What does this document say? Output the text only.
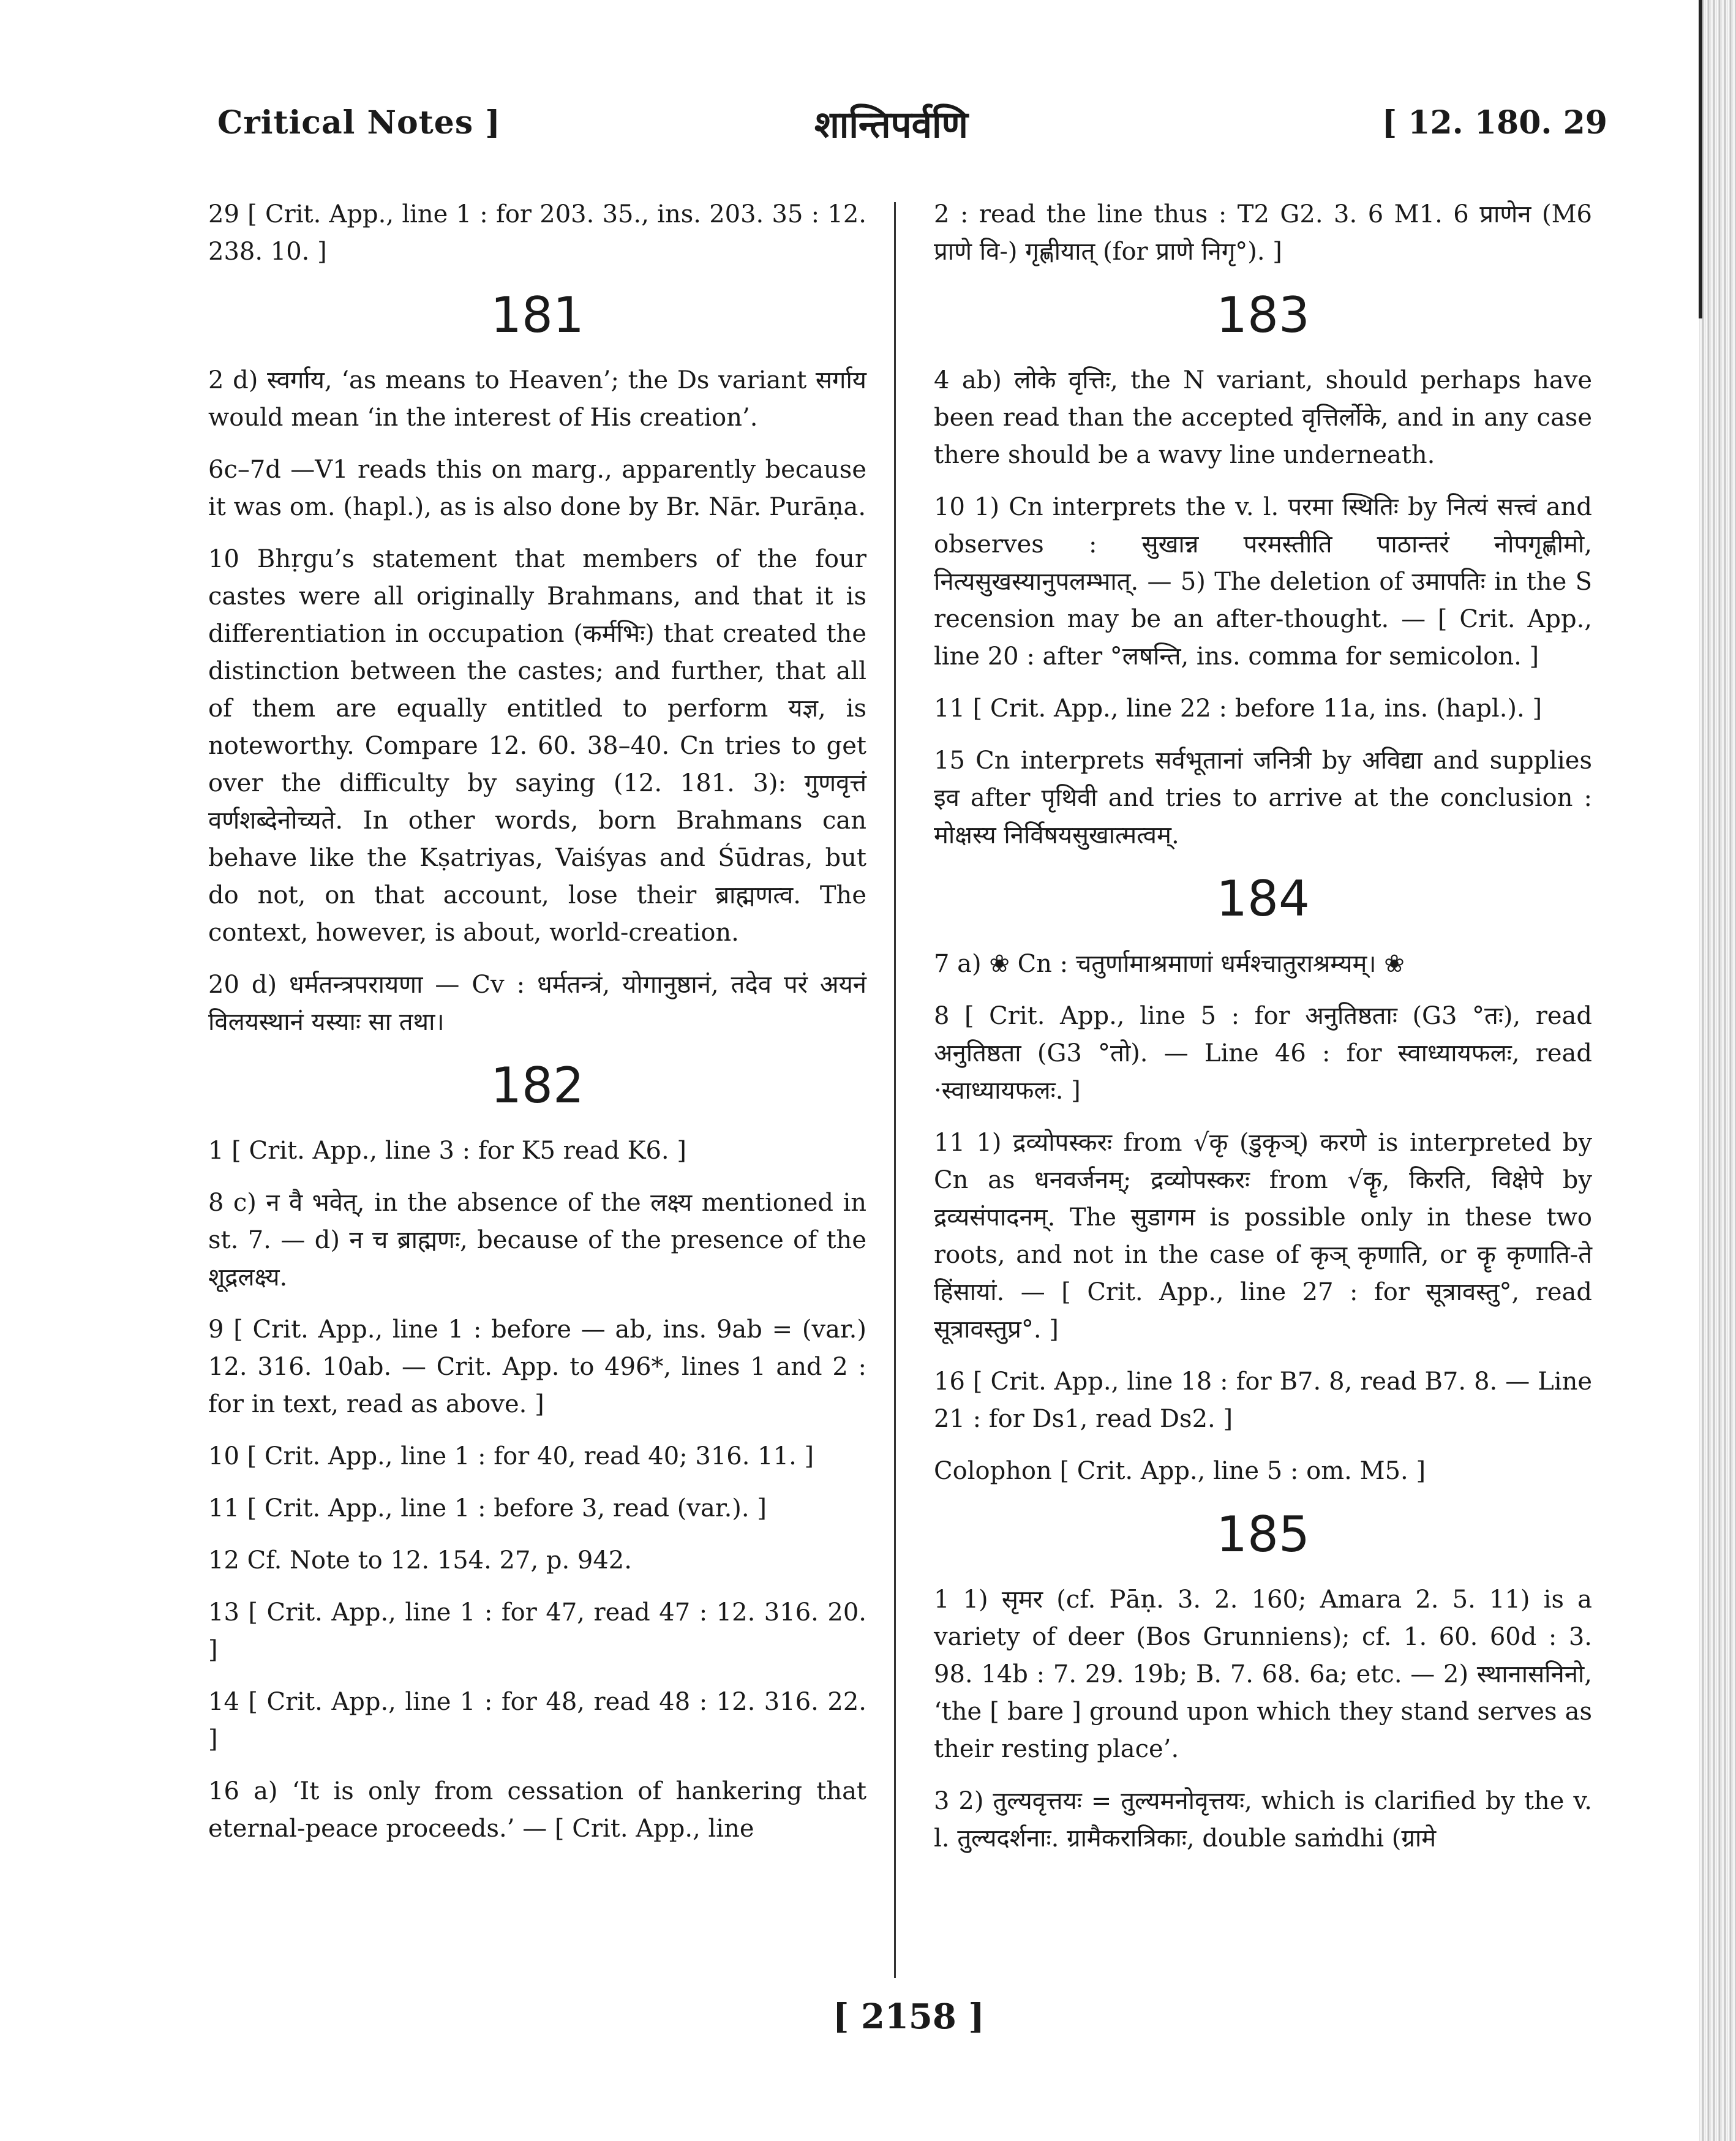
Critical Notes ]	शान्तिपर्वणि	[ 12. 180. 29

29 [ Crit. App., line 1 : for 203. 35., ins. 203. 35 : 12. 238. 10. ]

181

2 d) स्वर्गाय, ‘as means to Heaven’; the Ds variant सर्गाय would mean ‘in the interest of His creation’.

6c–7d —V1 reads this on marg., apparently because it was om. (hapl.), as is also done by Br. Nār. Purāṇa.

10 Bhṛgu’s statement that members of the four castes were all originally Brahmans, and that it is differentiation in occupation (कर्मभिः) that created the distinction between the castes; and further, that all of them are equally entitled to perform यज्ञ, is noteworthy. Compare 12. 60. 38–40. Cn tries to get over the difficulty by saying (12. 181. 3): गुणवृत्तं वर्णशब्देनोच्यते. In other words, born Brahmans can behave like the Kṣatriyas, Vaiśyas and Śūdras, but do not, on that account, lose their ब्राह्मणत्व. The context, however, is about, world-creation.

20 d) धर्मतन्त्रपरायणा — Cv : धर्मतन्त्रं, योगानुष्ठानं, तदेव परं अयनं विलयस्थानं यस्याः सा तथा।

182

1 [ Crit. App., line 3 : for K5 read K6. ]

8 c) न वै भवेत्, in the absence of the लक्ष्य mentioned in st. 7. — d) न च ब्राह्मणः, because of the presence of the शूद्रलक्ष्य.

9 [ Crit. App., line 1 : before — ab, ins. 9ab = (var.) 12. 316. 10ab. — Crit. App. to 496*, lines 1 and 2 : for in text, read as above. ]

10 [ Crit. App., line 1 : for 40, read 40; 316. 11. ]

11 [ Crit. App., line 1 : before 3, read (var.). ]

12 Cf. Note to 12. 154. 27, p. 942.

13 [ Crit. App., line 1 : for 47, read 47 : 12. 316. 20. ]

14 [ Crit. App., line 1 : for 48, read 48 : 12. 316. 22. ]

16 a) ‘It is only from cessation of hankering that eternal-peace proceeds.’ — [ Crit. App., line

2 : read the line thus : T2 G2. 3. 6 M1. 6 प्राणेन (M6 प्राणे वि-) गृह्णीयात् (for प्राणे निगृ°). ]

183

4 ab) लोके वृत्तिः, the N variant, should perhaps have been read than the accepted वृत्तिर्लोके, and in any case there should be a wavy line underneath.

10 1) Cn interprets the v. l. परमा स्थितिः by नित्यं सत्त्वं and observes : सुखान्न परमस्तीति पाठान्तरं नोपगृह्णीमो, नित्यसुखस्यानुपलम्भात्. — 5) The deletion of उमापतिः in the S recension may be an after-thought. — [ Crit. App., line 20 : after °लषन्ति, ins. comma for semicolon. ]

11 [ Crit. App., line 22 : before 11a, ins. (hapl.). ]

15 Cn interprets सर्वभूतानां जनित्री by अविद्या and supplies इव after पृथिवी and tries to arrive at the conclusion : मोक्षस्य निर्विषयसुखात्मत्वम्.

184

7 a) ❀ Cn : चतुर्णामाश्रमाणां धर्मश्चातुराश्रम्यम्। ❀

8 [ Crit. App., line 5 : for अनुतिष्ठताः (G3 °तः), read अनुतिष्ठता (G3 °तो). — Line 46 : for स्वाध्यायफलः, read ·स्वाध्यायफलः. ]

11 1) द्रव्योपस्करः from √कृ (डुकृञ्) करणे is interpreted by Cn as धनवर्जनम्; द्रव्योपस्करः from √कॄ, किरति, विक्षेपे by द्रव्यसंपादनम्. The सुडागम is possible only in these two roots, and not in the case of कृञ् कृणाति, or कॄ कृणाति-ते हिंसायां. — [ Crit. App., line 27 : for सूत्रावस्तु°, read सूत्रावस्तुप्र°. ]

16 [ Crit. App., line 18 : for B7. 8, read B7. 8. — Line 21 : for Ds1, read Ds2. ]

Colophon [ Crit. App., line 5 : om. M5. ]

185

1 1) सृमर (cf. Pāṇ. 3. 2. 160; Amara 2. 5. 11) is a variety of deer (Bos Grunniens); cf. 1. 60. 60d : 3. 98. 14b : 7. 29. 19b; B. 7. 68. 6a; etc. — 2) स्थानासनिनो, ‘the [ bare ] ground upon which they stand serves as their resting place’.

3 2) तुल्यवृत्तयः = तुल्यमनोवृत्तयः, which is clarified by the v. l. तुल्यदर्शनाः. ग्रामैकरात्रिकाः, double saṁdhi (ग्रामे

[ 2158 ]
